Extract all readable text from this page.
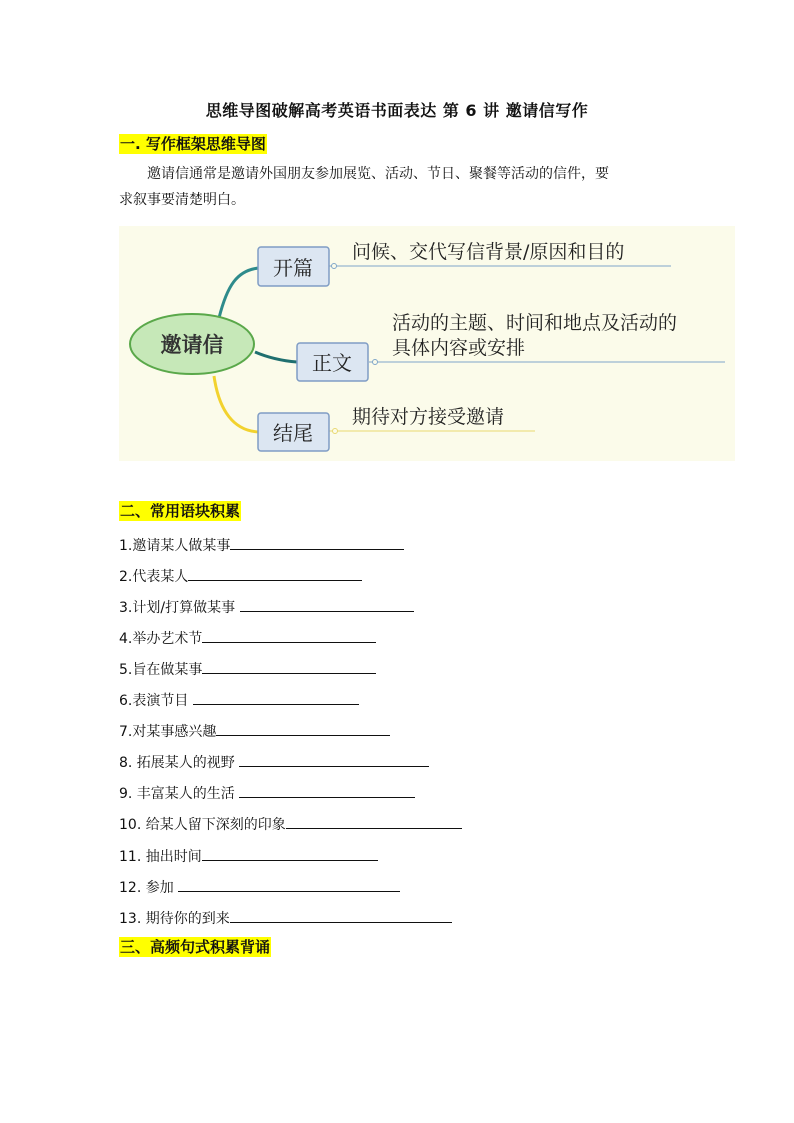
思维导图破解高考英语书面表达 第 6 讲 邀请信写作
一. 写作框架思维导图
邀请信通常是邀请外国朋友参加展览、活动、节日、聚餐等活动的信件，要
求叙事要清楚明白。
邀请信
开篇
正文
结尾
问候、交代写信背景/原因和目的
活动的主题、时间和地点及活动的
具体内容或安排
期待对方接受邀请
二、常用语块积累
1.邀请某人做某事
2.代表某人
3.计划/打算做某事
4.举办艺术节
5.旨在做某事
6.表演节目
7.对某事感兴趣
8. 拓展某人的视野
9. 丰富某人的生活
10. 给某人留下深刻的印象
11. 抽出时间
12. 参加
13. 期待你的到来
三、高频句式积累背诵
